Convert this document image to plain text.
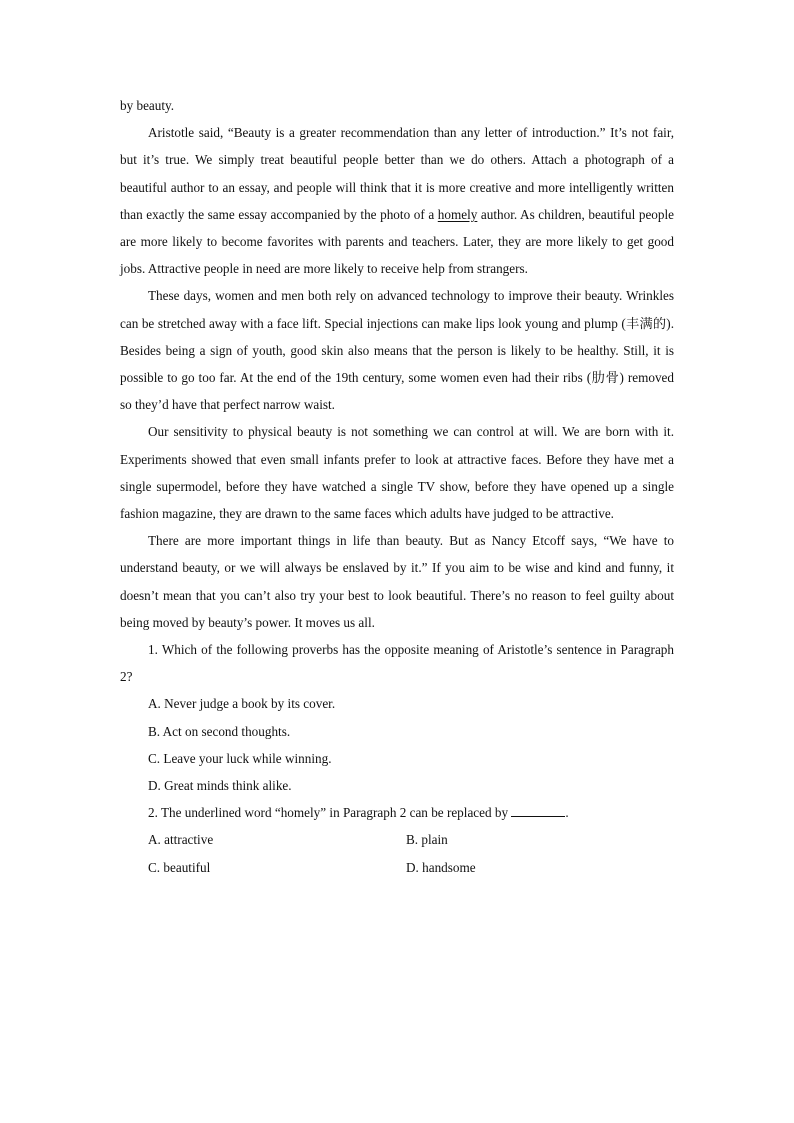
by beauty.

Aristotle said, “Beauty is a greater recommendation than any letter of introduction.” It’s not fair, but it’s true. We simply treat beautiful people better than we do others. Attach a photograph of a beautiful author to an essay, and people will think that it is more creative and more intelligently written than exactly the same essay accompanied by the photo of a homely author. As children, beautiful people are more likely to become favorites with parents and teachers. Later, they are more likely to get good jobs. Attractive people in need are more likely to receive help from strangers.

These days, women and men both rely on advanced technology to improve their beauty. Wrinkles can be stretched away with a face lift. Special injections can make lips look young and plump (丰满的). Besides being a sign of youth, good skin also means that the person is likely to be healthy. Still, it is possible to go too far. At the end of the 19th century, some women even had their ribs (肋骨) removed so they’d have that perfect narrow waist.

Our sensitivity to physical beauty is not something we can control at will. We are born with it. Experiments showed that even small infants prefer to look at attractive faces. Before they have met a single supermodel, before they have watched a single TV show, before they have opened up a single fashion magazine, they are drawn to the same faces which adults have judged to be attractive.

There are more important things in life than beauty. But as Nancy Etcoff says, “We have to understand beauty, or we will always be enslaved by it.” If you aim to be wise and kind and funny, it doesn’t mean that you can’t also try your best to look beautiful. There’s no reason to feel guilty about being moved by beauty’s power. It moves us all.

1. Which of the following proverbs has the opposite meaning of Aristotle’s sentence in Paragraph 2?

A. Never judge a book by its cover.

B. Act on second thoughts.

C. Leave your luck while winning.

D. Great minds think alike.

2. The underlined word “homely” in Paragraph 2 can be replaced by	.

A. attractive	B. plain

C. beautiful	D. handsome
